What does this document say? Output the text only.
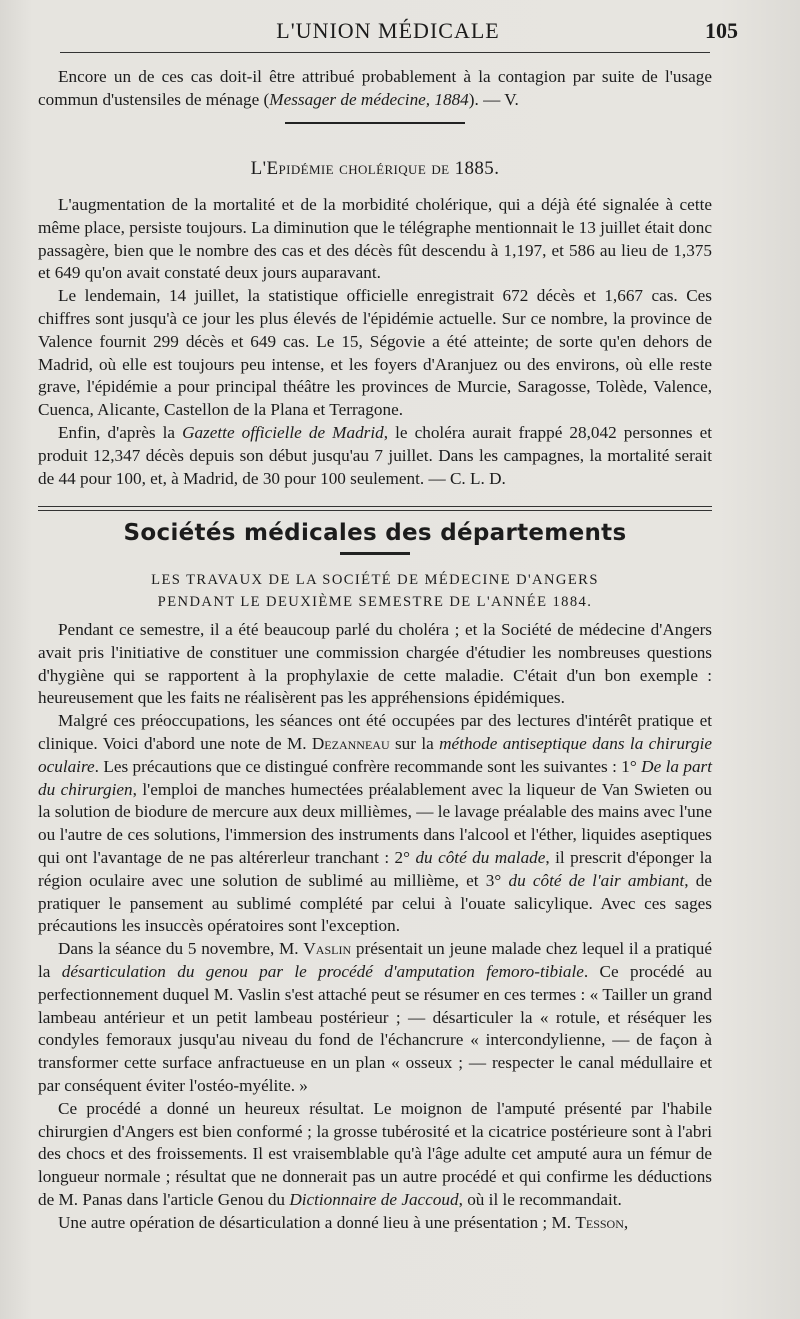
L'UNION MÉDICALE	105

Encore un de ces cas doit-il être attribué probablement à la contagion par suite de l'usage commun d'ustensiles de ménage (Messager de médecine, 1884). — V.

L'Epidémie cholérique de 1885.

L'augmentation de la mortalité et de la morbidité cholérique, qui a déjà été signalée à cette même place, persiste toujours. La diminution que le télégraphe mentionnait le 13 juillet était donc passagère, bien que le nombre des cas et des décès fût descendu à 1,197, et 586 au lieu de 1,375 et 649 qu'on avait constaté deux jours auparavant.

Le lendemain, 14 juillet, la statistique officielle enregistrait 672 décès et 1,667 cas. Ces chiffres sont jusqu'à ce jour les plus élevés de l'épidémie actuelle. Sur ce nombre, la province de Valence fournit 299 décès et 649 cas. Le 15, Ségovie a été atteinte; de sorte qu'en dehors de Madrid, où elle est toujours peu intense, et les foyers d'Aranjuez ou des environs, où elle reste grave, l'épidémie a pour principal théâtre les provinces de Murcie, Saragosse, Tolède, Valence, Cuenca, Alicante, Castellon de la Plana et Terragone.

Enfin, d'après la Gazette officielle de Madrid, le choléra aurait frappé 28,042 personnes et produit 12,347 décès depuis son début jusqu'au 7 juillet. Dans les campagnes, la mortalité serait de 44 pour 100, et, à Madrid, de 30 pour 100 seulement. — C. L. D.

Sociétés médicales des départements
LES TRAVAUX DE LA SOCIÉTÉ DE MÉDECINE D'ANGERS
PENDANT LE DEUXIÈME SEMESTRE DE L'ANNÉE 1884.

Pendant ce semestre, il a été beaucoup parlé du choléra ; et la Société de médecine d'Angers avait pris l'initiative de constituer une commission chargée d'étudier les nombreuses questions d'hygiène qui se rapportent à la prophylaxie de cette maladie. C'était d'un bon exemple : heureusement que les faits ne réalisèrent pas les appréhensions épidémiques.

Malgré ces préoccupations, les séances ont été occupées par des lectures d'intérêt pratique et clinique. Voici d'abord une note de M. Dezanneau sur la méthode antiseptique dans la chirurgie oculaire. Les précautions que ce distingué confrère recommande sont les suivantes : 1° De la part du chirurgien, l'emploi de manches humectées préalablement avec la liqueur de Van Swieten ou la solution de biodure de mercure aux deux millièmes, — le lavage préalable des mains avec l'une ou l'autre de ces solutions, l'immersion des instruments dans l'alcool et l'éther, liquides aseptiques qui ont l'avantage de ne pas altérerleur tranchant : 2° du côté du malade, il prescrit d'éponger la région oculaire avec une solution de sublimé au millième, et 3° du côté de l'air ambiant, de pratiquer le pansement au sublimé complété par celui à l'ouate salicylique. Avec ces sages précautions les insuccès opératoires sont l'exception.

Dans la séance du 5 novembre, M. Vaslin présentait un jeune malade chez lequel il a pratiqué la désarticulation du genou par le procédé d'amputation femoro-tibiale. Ce procédé au perfectionnement duquel M. Vaslin s'est attaché peut se résumer en ces termes : « Tailler un grand lambeau antérieur et un petit lambeau postérieur ; — désarticuler la « rotule, et réséquer les condyles femoraux jusqu'au niveau du fond de l'échancrure « intercondylienne, — de façon à transformer cette surface anfractueuse en un plan « osseux ; — respecter le canal médullaire et par conséquent éviter l'ostéo-myélite. »

Ce procédé a donné un heureux résultat. Le moignon de l'amputé présenté par l'habile chirurgien d'Angers est bien conformé ; la grosse tubérosité et la cicatrice postérieure sont à l'abri des chocs et des froissements. Il est vraisemblable qu'à l'âge adulte cet amputé aura un fémur de longueur normale ; résultat que ne donnerait pas un autre procédé et qui confirme les déductions de M. Panas dans l'article Genou du Dictionnaire de Jaccoud, où il le recommandait.

Une autre opération de désarticulation a donné lieu à une présentation ; M. Tesson,
